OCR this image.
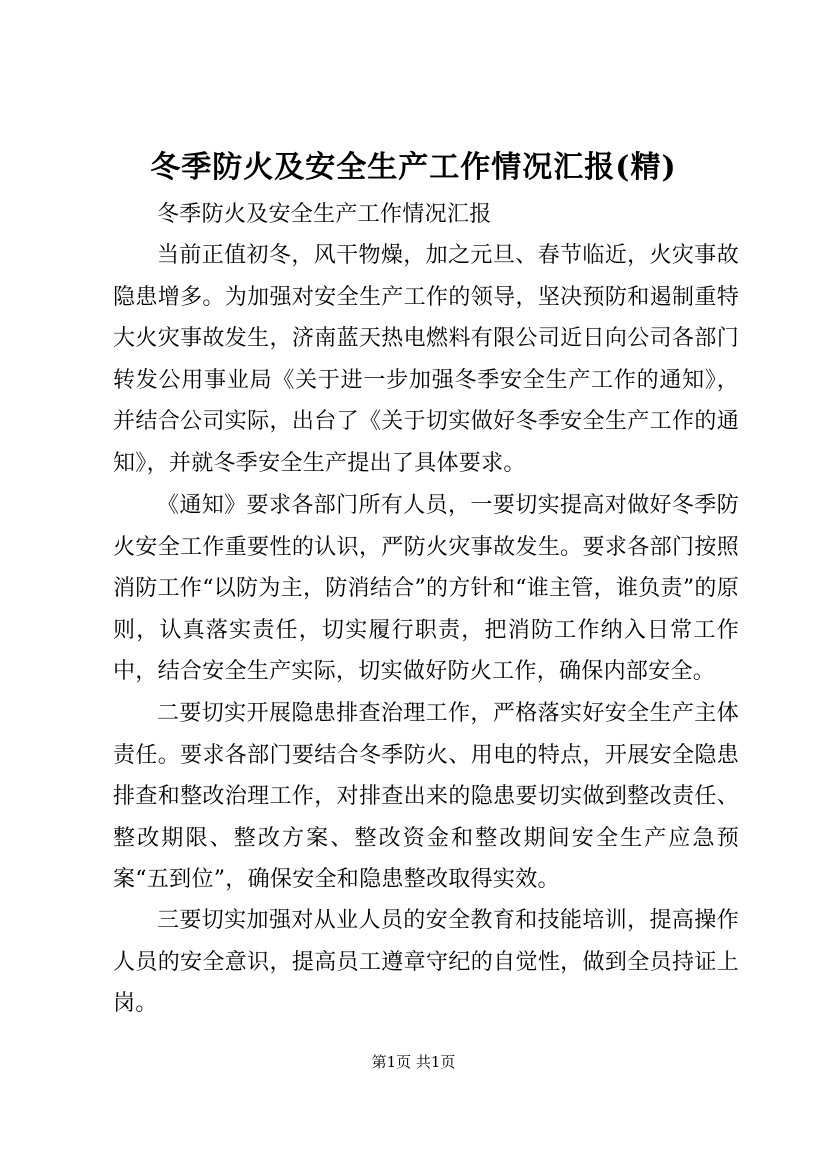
冬季防火及安全生产工作情况汇报(精)
冬季防火及安全生产工作情况汇报
当前正值初冬，风干物燥，加之元旦、春节临近，火灾事故隐患增多。为加强对安全生产工作的领导，坚决预防和遏制重特大火灾事故发生，济南蓝天热电燃料有限公司近日向公司各部门转发公用事业局《关于进一步加强冬季安全生产工作的通知》，并结合公司实际，出台了《关于切实做好冬季安全生产工作的通知》，并就冬季安全生产提出了具体要求。
《通知》要求各部门所有人员，一要切实提高对做好冬季防火安全工作重要性的认识，严防火灾事故发生。要求各部门按照消防工作“以防为主，防消结合”的方针和“谁主管，谁负责”的原则，认真落实责任，切实履行职责，把消防工作纳入日常工作中，结合安全生产实际，切实做好防火工作，确保内部安全。
二要切实开展隐患排查治理工作，严格落实好安全生产主体责任。要求各部门要结合冬季防火、用电的特点，开展安全隐患排查和整改治理工作，对排查出来的隐患要切实做到整改责任、整改期限、整改方案、整改资金和整改期间安全生产应急预案“五到位”，确保安全和隐患整改取得实效。
三要切实加强对从业人员的安全教育和技能培训，提高操作人员的安全意识，提高员工遵章守纪的自觉性，做到全员持证上岗。
第1页 共1页
